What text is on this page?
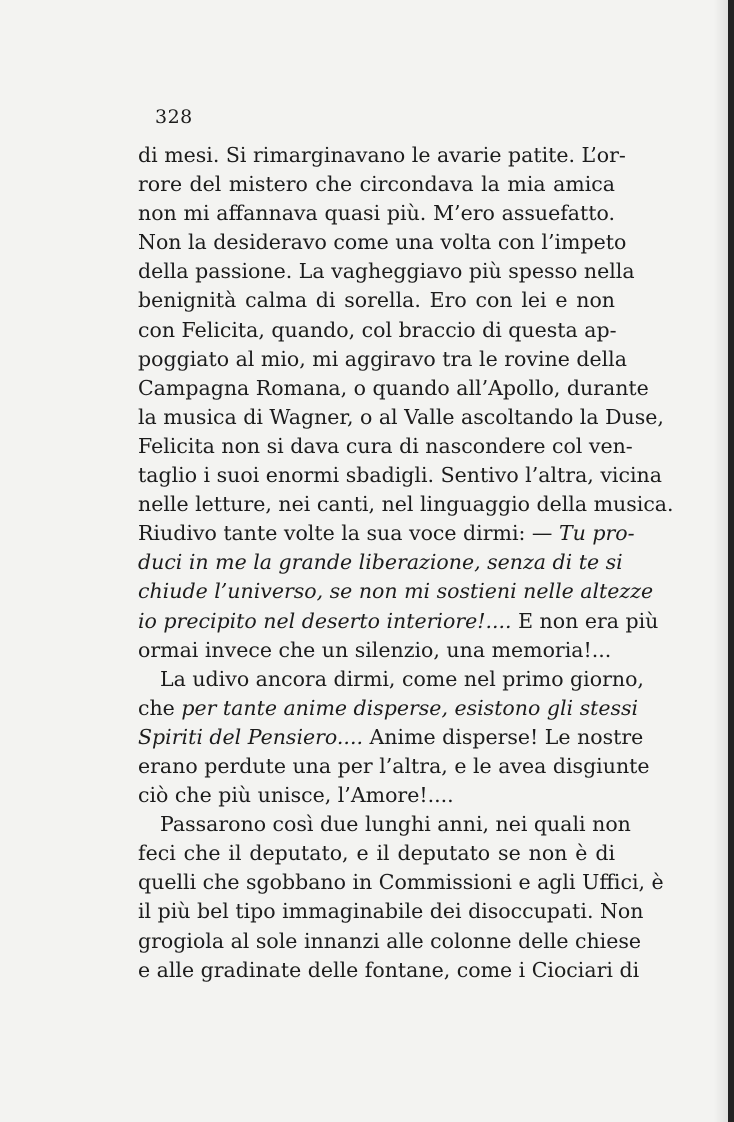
328
di mesi. Si rimarginavano le avarie patite. L’or-
rore del mistero che circondava la mia amica
non mi affannava quasi più. M’ero assuefatto.
Non la desideravo come una volta con l’impeto
della passione. La vagheggiavo più spesso nella
benignità calma di sorella. Ero con lei e non
con Felicita, quando, col braccio di questa ap-
poggiato al mio, mi aggiravo tra le rovine della
Campagna Romana, o quando all’Apollo, durante
la musica di Wagner, o al Valle ascoltando la Duse,
Felicita non si dava cura di nascondere col ven-
taglio i suoi enormi sbadigli. Sentivo l’altra, vicina
nelle letture, nei canti, nel linguaggio della musica.
Riudivo tante volte la sua voce dirmi: — Tu pro-
duci in me la grande liberazione, senza di te si
chiude l’universo, se non mi sostieni nelle altezze
io precipito nel deserto interiore!.... E non era più
ormai invece che un silenzio, una memoria!...
La udivo ancora dirmi, come nel primo giorno,
che per tante anime disperse, esistono gli stessi
Spiriti del Pensiero.... Anime disperse! Le nostre
erano perdute una per l’altra, e le avea disgiunte
ciò che più unisce, l’Amore!....
Passarono così due lunghi anni, nei quali non
feci che il deputato, e il deputato se non è di
quelli che sgobbano in Commissioni e agli Uffici, è
il più bel tipo immaginabile dei disoccupati. Non
grogiola al sole innanzi alle colonne delle chiese
e alle gradinate delle fontane, come i Ciociari di
